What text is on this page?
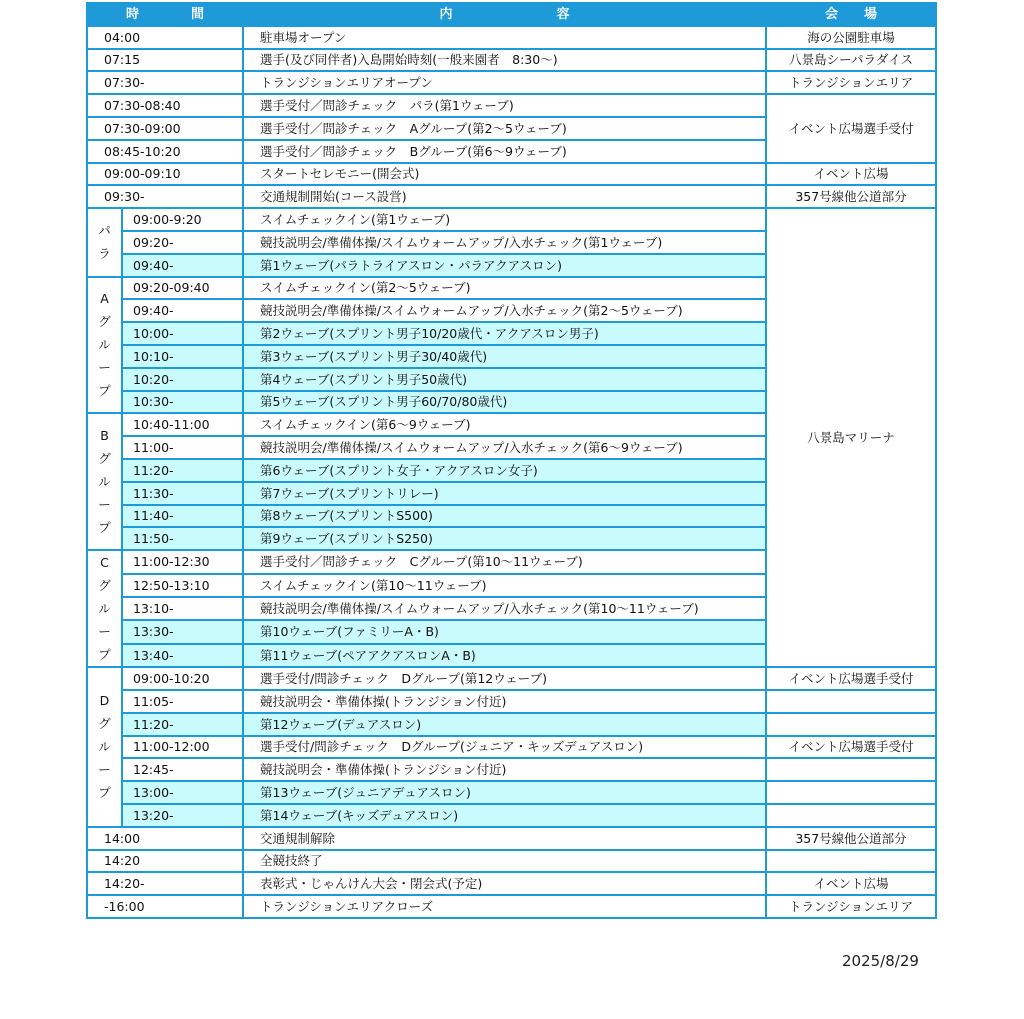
時　　　　間		内　　　　　　　　容	会　　場
04:00		駐車場オープン	海の公園駐車場
07:15		選手(及び同伴者)入島開始時刻(一般来園者　8:30～)	八景島シーパラダイス
07:30-		トランジションエリアオープン	トランジションエリア
07:30-08:40		選手受付／問診チェック　パラ(第1ウェーブ)	イベント広場選手受付
07:30-09:00		選手受付／問診チェック　Aグループ(第2～5ウェーブ)	
08:45-10:20		選手受付／問診チェック　Bグループ(第6～9ウェーブ)	
09:00-09:10		スタートセレモニー(開会式)	イベント広場
09:30-		交通規制開始(コース設営)	357号線他公道部分

パ
ラ	09:00-9:20	スイムチェックイン(第1ウェーブ)	八景島マリーナ
	09:20-	競技説明会/準備体操/スイムウォームアップ/入水チェック(第1ウェーブ)	
	09:40-	第1ウェーブ(パラトライアスロン・パラアクアスロン)	

A
グ
ル
ー
プ	09:20-09:40	スイムチェックイン(第2～5ウェーブ)	
	09:40-	競技説明会/準備体操/スイムウォームアップ/入水チェック(第2～5ウェーブ)	
	10:00-	第2ウェーブ(スプリント男子10/20歳代・アクアスロン男子)	
	10:10-	第3ウェーブ(スプリント男子30/40歳代)	
	10:20-	第4ウェーブ(スプリント男子50歳代)	
	10:30-	第5ウェーブ(スプリント男子60/70/80歳代)	

B
グ
ル
ー
プ	10:40-11:00	スイムチェックイン(第6～9ウェーブ)	
	11:00-	競技説明会/準備体操/スイムウォームアップ/入水チェック(第6～9ウェーブ)	
	11:20-	第6ウェーブ(スプリント女子・アクアスロン女子)	
	11:30-	第7ウェーブ(スプリントリレー)	
	11:40-	第8ウェーブ(スプリントS500)	
	11:50-	第9ウェーブ(スプリントS250)	

C
グ
ル
ー
プ	11:00-12:30	選手受付／問診チェック　Cグループ(第10～11ウェーブ)	
	12:50-13:10	スイムチェックイン(第10～11ウェーブ)	
	13:10-	競技説明会/準備体操/スイムウォームアップ/入水チェック(第10～11ウェーブ)	
	13:30-	第10ウェーブ(ファミリーA・B)	
	13:40-	第11ウェーブ(ペアアクアスロンA・B)	

D
グ
ル
ー
プ	09:00-10:20	選手受付/問診チェック　Dグループ(第12ウェーブ)	イベント広場選手受付
	11:05-	競技説明会・準備体操(トランジション付近)	
	11:20-	第12ウェーブ(デュアスロン)	
	11:00-12:00	選手受付/問診チェック　Dグループ(ジュニア・キッズデュアスロン)	イベント広場選手受付
	12:45-	競技説明会・準備体操(トランジション付近)	
	13:00-	第13ウェーブ(ジュニアデュアスロン)	
	13:20-	第14ウェーブ(キッズデュアスロン)	
14:00		交通規制解除	357号線他公道部分
14:20		全競技終了	
14:20-		表彰式・じゃんけん大会・閉会式(予定)	イベント広場
-16:00		トランジションエリアクローズ	トランジションエリア
2025/8/29
